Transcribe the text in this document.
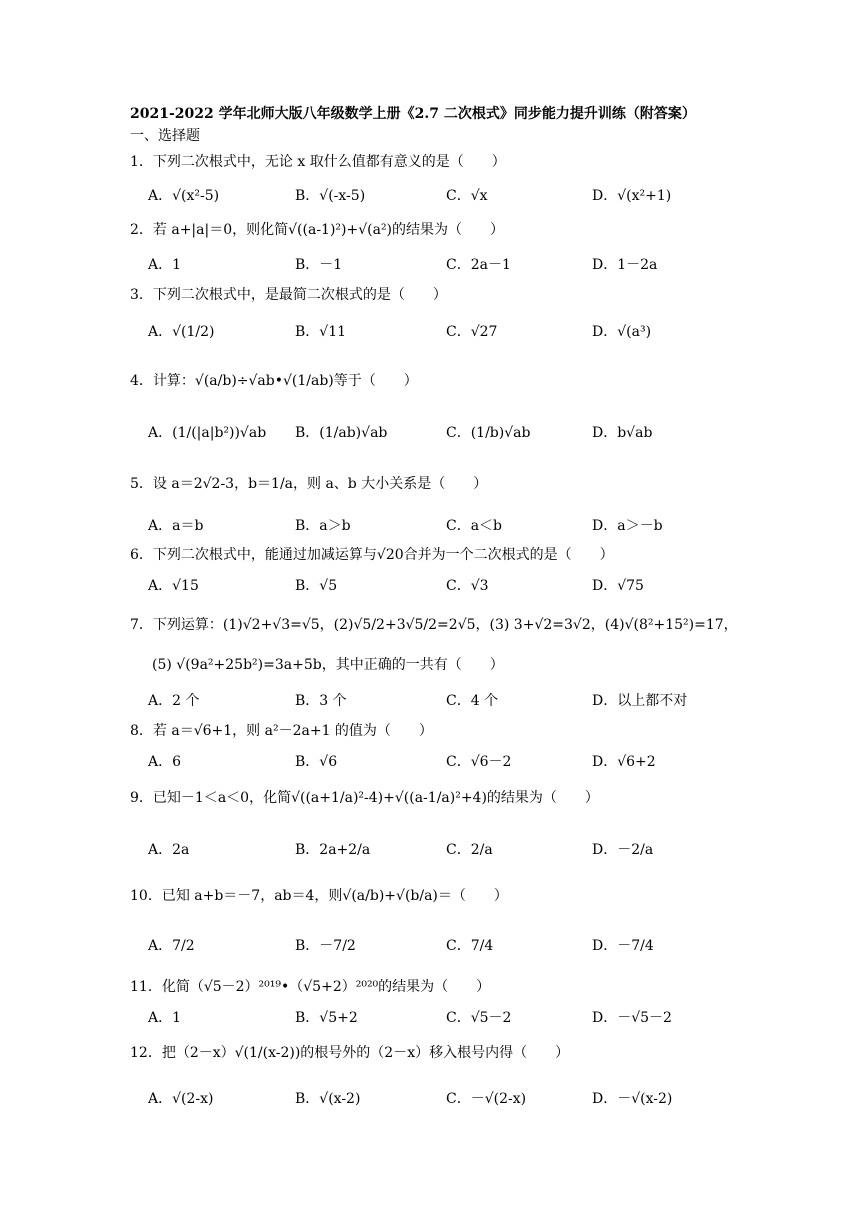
2021-2022 学年北师大版八年级数学上册《2.7 二次根式》同步能力提升训练（附答案）
一、选择题
1．下列二次根式中，无论 x 取什么值都有意义的是（　　）
A．√(x²-5)	B．√(-x-5)	C．√x	D．√(x²+1)
2．若 a+|a|＝0，则化简√((a-1)²)+√(a²)的结果为（　　）
A．1	B．－1	C．2a－1	D．1－2a
3．下列二次根式中，是最简二次根式的是（　　）
A．√(1/2)	B．√11	C．√27	D．√(a³)
4．计算：√(a/b)÷√ab•√(1/ab)等于（　　）
A．(1/(|a|b²))√ab B．(1/ab)√ab	C．(1/b)√ab	D．b√ab
5．设 a＝2√2-3，b＝1/a，则 a、b 大小关系是（　　）
A．a＝b	B．a＞b	C．a＜b	D．a＞－b
6．下列二次根式中，能通过加减运算与√20合并为一个二次根式的是（　　）
A．√15	B．√5	C．√3	D．√75
7．下列运算：(1)√2+√3=√5，(2)√5/2+3√5/2=2√5，(3) 3+√2=3√2，(4)√(8²+15²)=17，
(5) √(9a²+25b²)=3a+5b，其中正确的一共有（　　）
A．2 个	B．3 个	C．4 个	D．以上都不对
8．若 a＝√6+1，则 a²－2a+1 的值为（　　）
A．6	B．√6	C．√6－2	D．√6+2
9．已知－1＜a＜0，化简√((a+1/a)²-4)+√((a-1/a)²+4)的结果为（　　）
A．2a	B．2a+2/a	C．2/a	D．－2/a
10．已知 a+b＝－7，ab＝4，则√(a/b)+√(b/a)＝（　　）
A．7/2	B．－7/2	C．7/4	D．－7/4
11．化简（√5－2）²⁰¹⁹•（√5+2）²⁰²⁰的结果为（　　）
A．1	B．√5+2	C．√5－2	D．－√5－2
12．把（2－x）√(1/(x-2))的根号外的（2－x）移入根号内得（　　）
A．√(2-x)	B．√(x-2)	C．－√(2-x)	D．－√(x-2)
